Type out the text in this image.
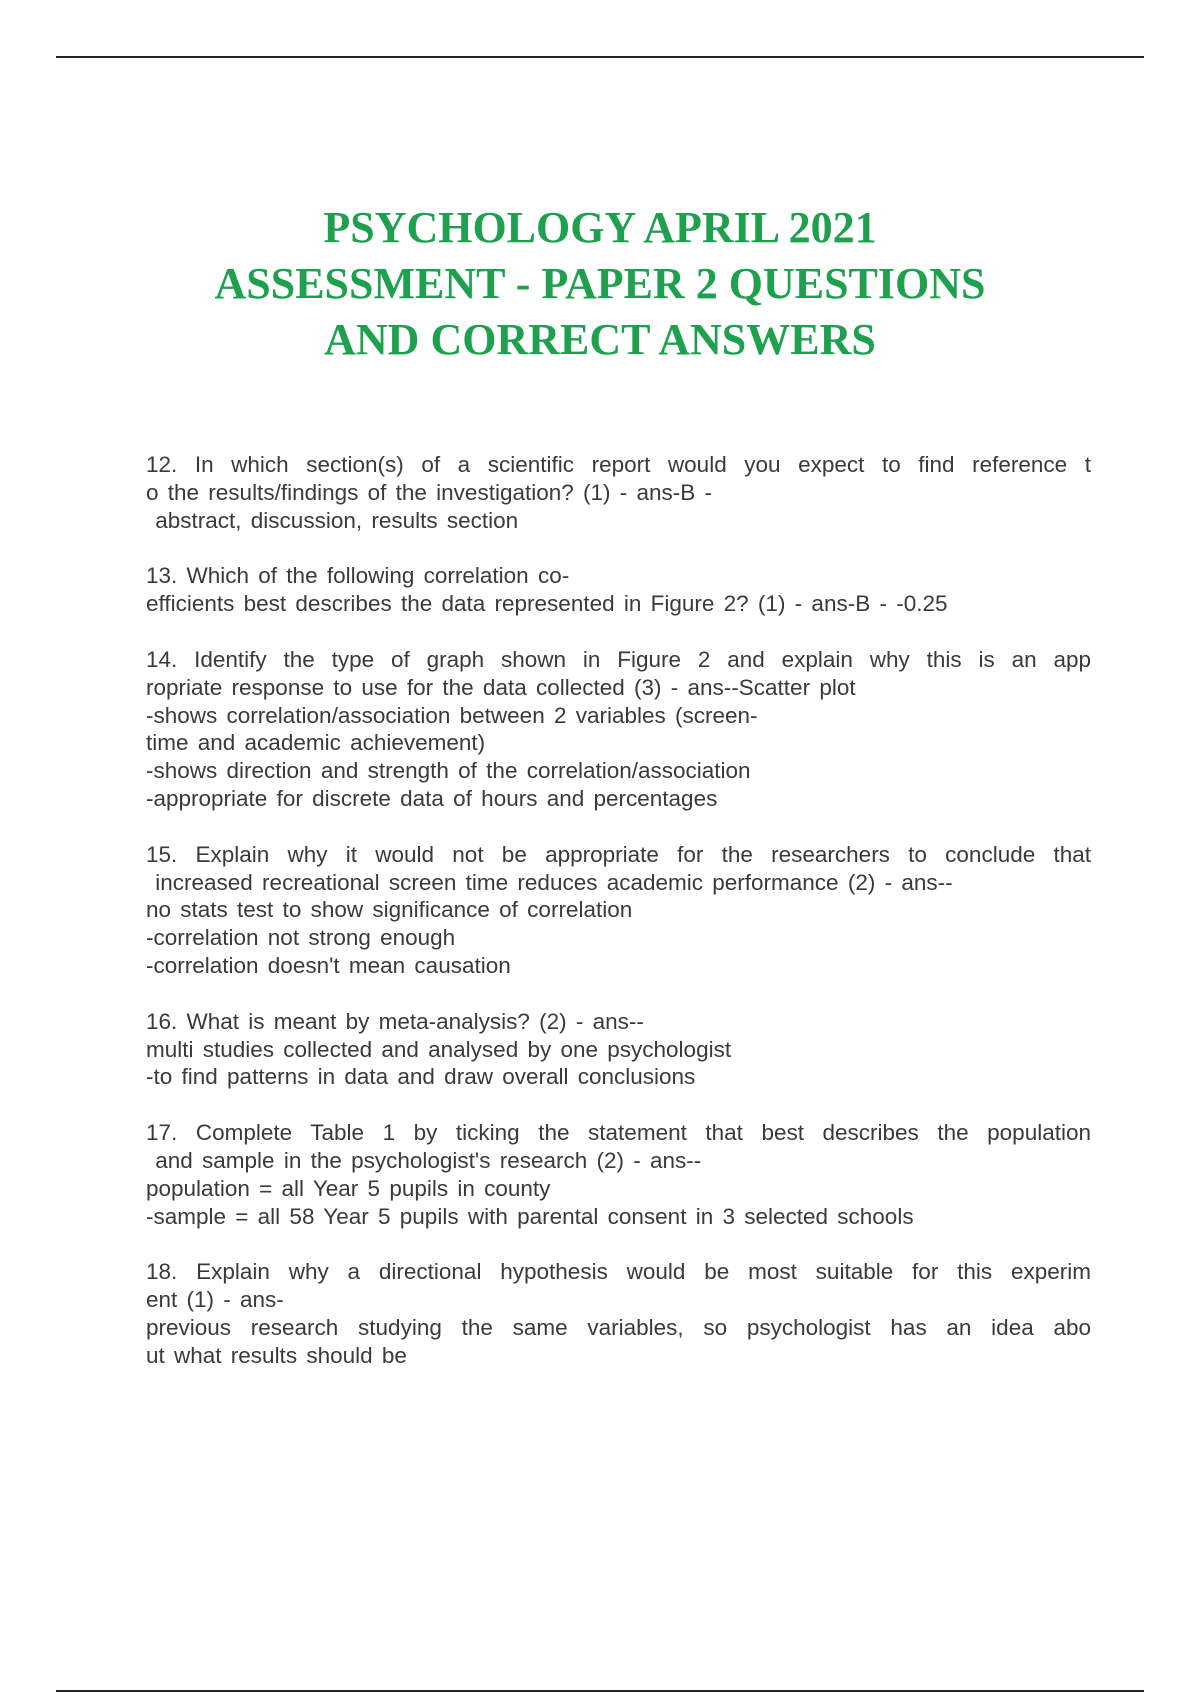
PSYCHOLOGY APRIL 2021
ASSESSMENT - PAPER 2 QUESTIONS
AND CORRECT ANSWERS
12. In which section(s) of a scientific report would you expect to find reference t
o the results/findings of the investigation? (1) - ans-B -
abstract, discussion, results section
13. Which of the following correlation co-
efficients best describes the data represented in Figure 2? (1) - ans-B - -0.25
14. Identify the type of graph shown in Figure 2 and explain why this is an app
ropriate response to use for the data collected (3) - ans--Scatter plot
-shows correlation/association between 2 variables (screen-
time and academic achievement)
-shows direction and strength of the correlation/association
-appropriate for discrete data of hours and percentages
15. Explain why it would not be appropriate for the researchers to conclude that
increased recreational screen time reduces academic performance (2) - ans--
no stats test to show significance of correlation
-correlation not strong enough
-correlation doesn't mean causation
16. What is meant by meta-analysis? (2) - ans--
multi studies collected and analysed by one psychologist
-to find patterns in data and draw overall conclusions
17. Complete Table 1 by ticking the statement that best describes the population
and sample in the psychologist's research (2) - ans--
population = all Year 5 pupils in county
-sample = all 58 Year 5 pupils with parental consent in 3 selected schools
18. Explain why a directional hypothesis would be most suitable for this experim
ent (1) - ans-
previous research studying the same variables, so psychologist has an idea abo
ut what results should be
